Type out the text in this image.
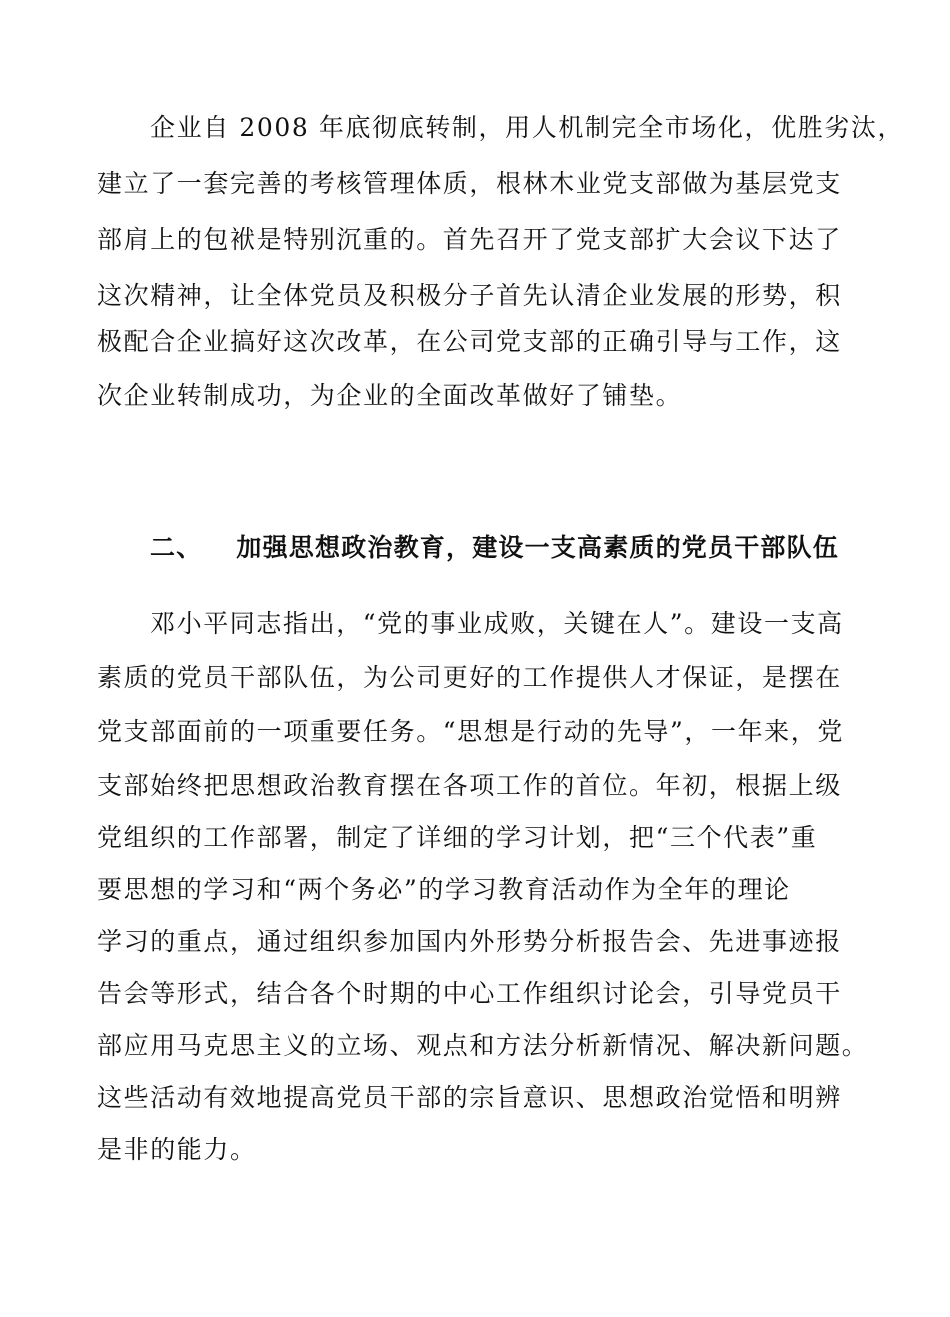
企业自 2008 年底彻底转制，用人机制完全市场化，优胜劣汰，
建立了一套完善的考核管理体质，根林木业党支部做为基层党支
部肩上的包袱是特别沉重的。首先召开了党支部扩大会议下达了
这次精神，让全体党员及积极分子首先认清企业发展的形势，积
极配合企业搞好这次改革，在公司党支部的正确引导与工作，这
次企业转制成功，为企业的全面改革做好了铺垫。
二、 加强思想政治教育，建设一支高素质的党员干部队伍
邓小平同志指出，“党的事业成败，关键在人”。建设一支高
素质的党员干部队伍，为公司更好的工作提供人才保证，是摆在
党支部面前的一项重要任务。“思想是行动的先导”，一年来，党
支部始终把思想政治教育摆在各项工作的首位。年初，根据上级
党组织的工作部署，制定了详细的学习计划，把“三个代表”重
要思想的学习和“两个务必”的学习教育活动作为全年的理论
学习的重点，通过组织参加国内外形势分析报告会、先进事迹报
告会等形式，结合各个时期的中心工作组织讨论会，引导党员干
部应用马克思主义的立场、观点和方法分析新情况、解决新问题。
这些活动有效地提高党员干部的宗旨意识、思想政治觉悟和明辨
是非的能力。
